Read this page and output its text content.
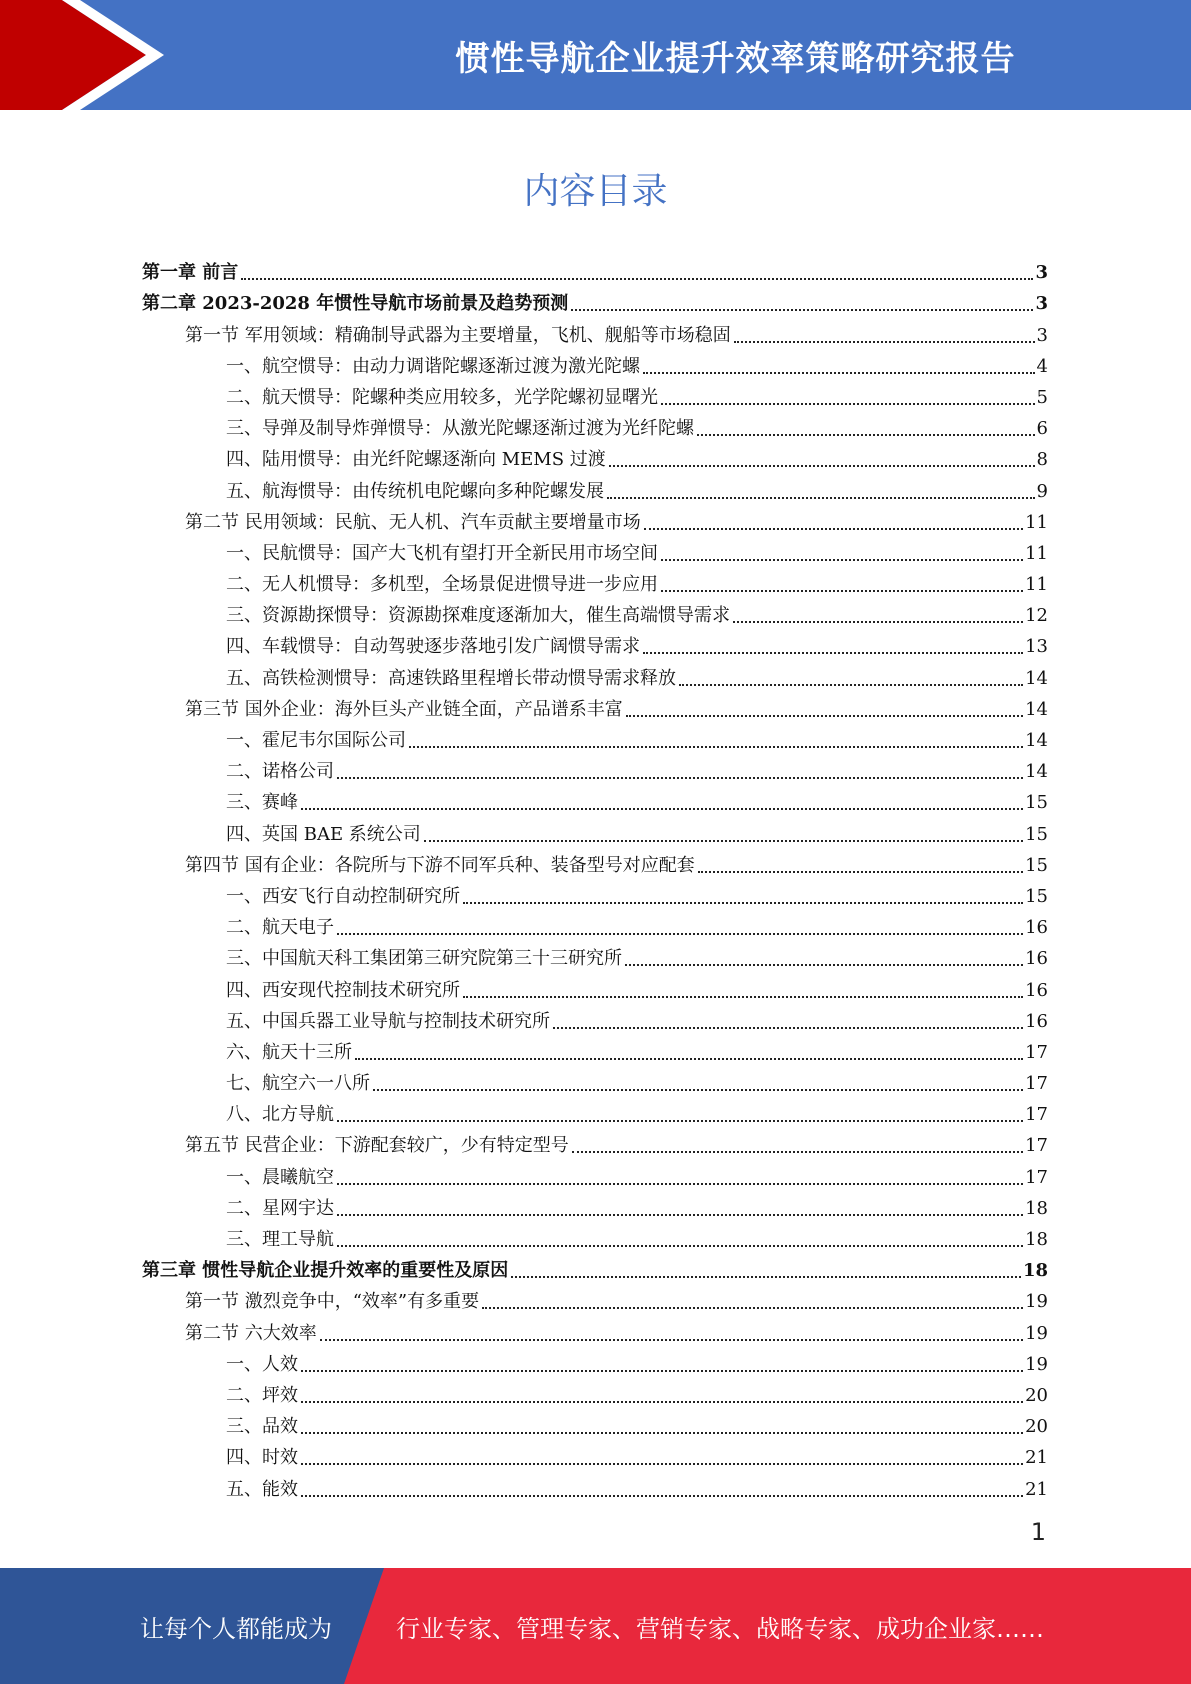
惯性导航企业提升效率策略研究报告
内容目录
第一章 前言	3
第二章 2023-2028 年惯性导航市场前景及趋势预测	3
第一节 军用领域：精确制导武器为主要增量，飞机、舰船等市场稳固	3
一、航空惯导：由动力调谐陀螺逐渐过渡为激光陀螺	4
二、航天惯导：陀螺种类应用较多，光学陀螺初显曙光	5
三、导弹及制导炸弹惯导：从激光陀螺逐渐过渡为光纤陀螺	6
四、陆用惯导：由光纤陀螺逐渐向 MEMS 过渡	8
五、航海惯导：由传统机电陀螺向多种陀螺发展	9
第二节 民用领域：民航、无人机、汽车贡献主要增量市场	11
一、民航惯导：国产大飞机有望打开全新民用市场空间	11
二、无人机惯导：多机型，全场景促进惯导进一步应用	11
三、资源勘探惯导：资源勘探难度逐渐加大，催生高端惯导需求	12
四、车载惯导：自动驾驶逐步落地引发广阔惯导需求	13
五、高铁检测惯导：高速铁路里程增长带动惯导需求释放	14
第三节 国外企业：海外巨头产业链全面，产品谱系丰富	14
一、霍尼韦尔国际公司	14
二、诺格公司	14
三、赛峰	15
四、英国 BAE 系统公司	15
第四节 国有企业：各院所与下游不同军兵种、装备型号对应配套	15
一、西安飞行自动控制研究所	15
二、航天电子	16
三、中国航天科工集团第三研究院第三十三研究所	16
四、西安现代控制技术研究所	16
五、中国兵器工业导航与控制技术研究所	16
六、航天十三所	17
七、航空六一八所	17
八、北方导航	17
第五节 民营企业：下游配套较广，少有特定型号	17
一、晨曦航空	17
二、星网宇达	18
三、理工导航	18
第三章 惯性导航企业提升效率的重要性及原因	18
第一节 激烈竞争中，“效率”有多重要	19
第二节 六大效率	19
一、人效	19
二、坪效	20
三、品效	20
四、时效	21
五、能效	21
1
让每个人都能成为	行业专家、管理专家、营销专家、战略专家、成功企业家……
